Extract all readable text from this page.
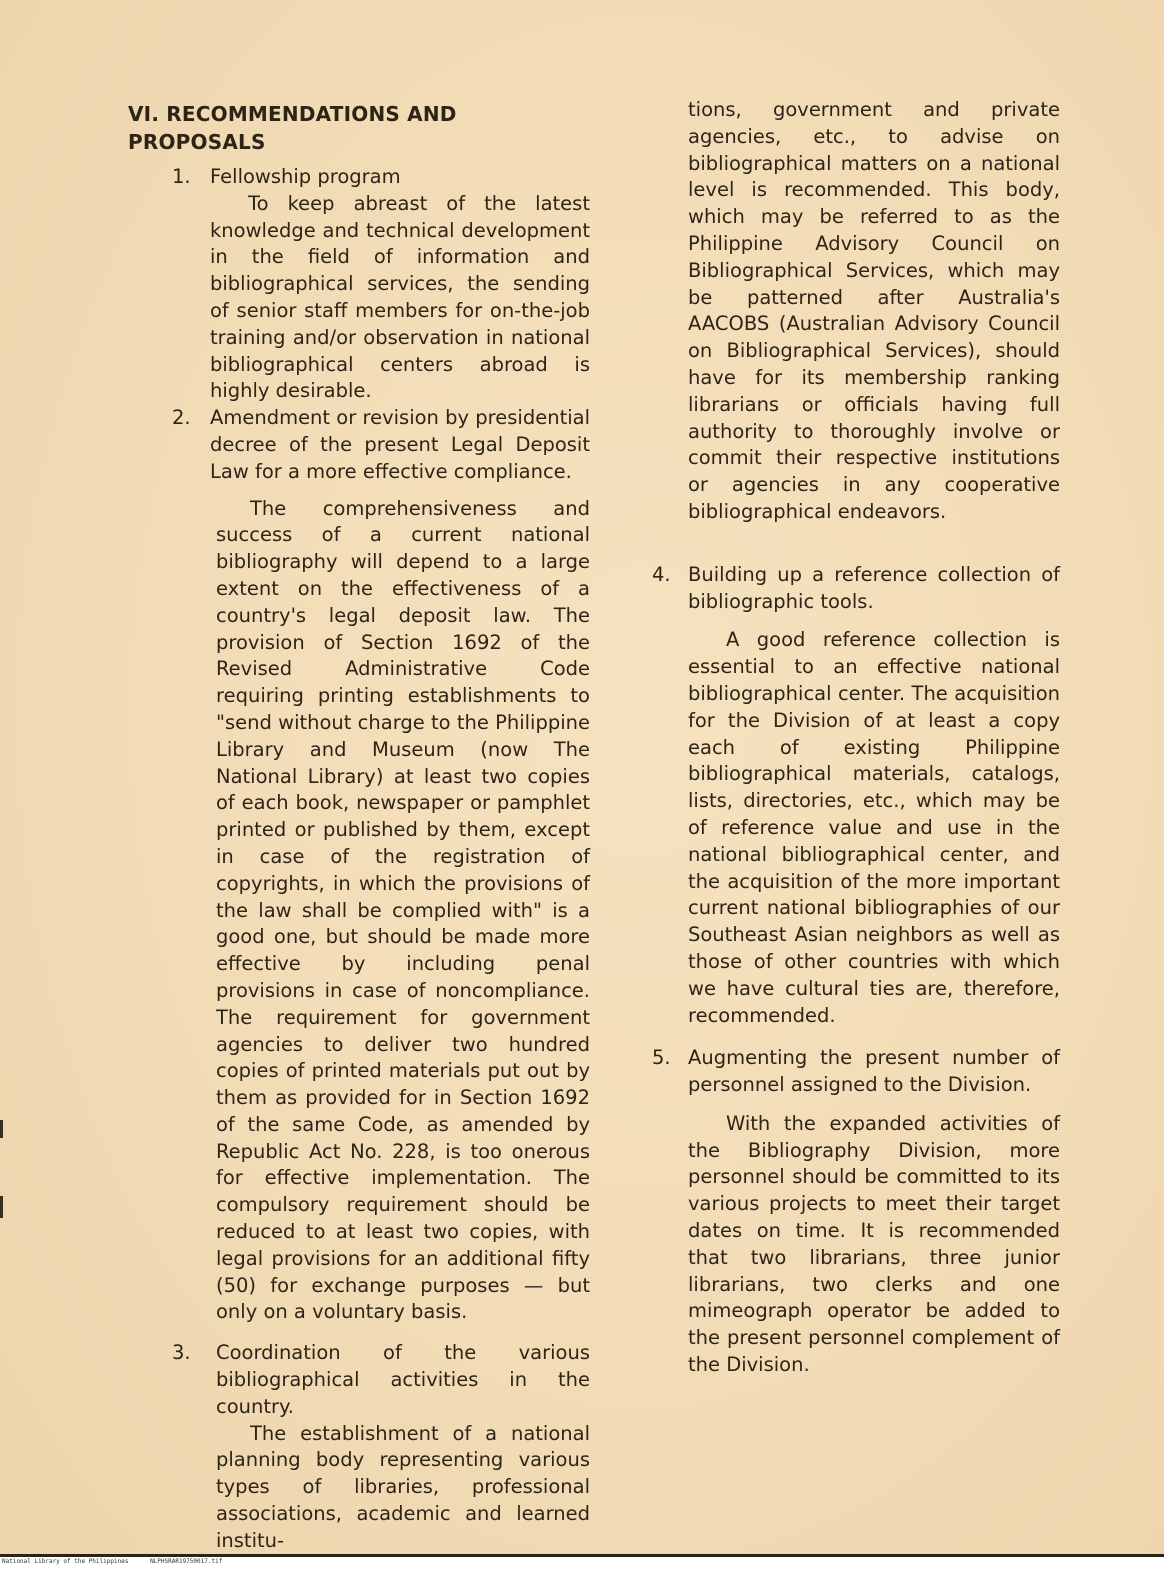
VI. RECOMMENDATIONS AND PROPOSALS
1. Fellowship program

To keep abreast of the latest knowledge and technical development in the field of information and bibliographical services, the sending of senior staff members for on-the-job training and/or observation in national bibliographical centers abroad is highly desirable.

2. Amendment or revision by presidential decree of the present Legal Deposit Law for a more effective compliance.

The comprehensiveness and success of a current national bibliography will depend to a large extent on the effectiveness of a country's legal deposit law. The provision of Section 1692 of the Revised Administrative Code requiring printing establishments to "send without charge to the Philippine Library and Museum (now The National Library) at least two copies of each book, newspaper or pamphlet printed or published by them, except in case of the registration of copyrights, in which the provisions of the law shall be complied with" is a good one, but should be made more effective by including penal provisions in case of noncompliance. The requirement for government agencies to deliver two hundred copies of printed materials put out by them as provided for in Section 1692 of the same Code, as amended by Republic Act No. 228, is too onerous for effective implementation. The compulsory requirement should be reduced to at least two copies, with legal provisions for an additional fifty (50) for exchange purposes — but only on a voluntary basis.

3.	Coordination of the various bibliographical activities in the country.

The establishment of a national planning body representing various types of libraries, professional associations, academic and learned institu-

tions, government and private agencies, etc., to advise on bibliographical matters on a national level is recommended. This body, which may be referred to as the Philippine Advisory Council on Bibliographical Services, which may be patterned after Australia's AACOBS (Australian Advisory Council on Bibliographical Services), should have for its membership ranking librarians or officials having full authority to thoroughly involve or commit their respective institutions or agencies in any cooperative bibliographical endeavors.

4. Building up a reference collection of bibliographic tools.

A good reference collection is essential to an effective national bibliographical center. The acquisition for the Division of at least a copy each of existing Philippine bibliographical materials, catalogs, lists, directories, etc., which may be of reference value and use in the national bibliographical center, and the acquisition of the more important current national bibliographies of our Southeast Asian neighbors as well as those of other countries with which we have cultural ties are, therefore, recommended.

5. Augmenting the present number of personnel assigned to the Division.

With the expanded activities of the Bibliography Division, more personnel should be committed to its various projects to meet their target dates on time. It is recommended that two librarians, three junior librarians, two clerks and one mimeograph operator be added to the present personnel complement of the Division.

National Library of the Philippines	NLPHSRAR19750017.tif
